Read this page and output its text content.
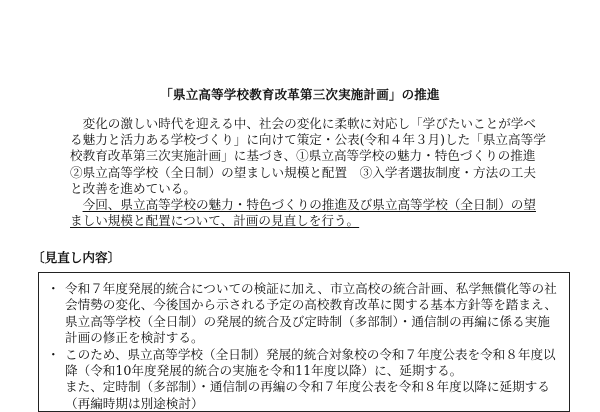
「県立高等学校教育改革第三次実施計画」の推進

変化の激しい時代を迎える中、社会の変化に柔軟に対応し「学びたいことが学べる魅力と活力ある学校づくり」に向けて策定・公表(令和４年３月)した「県立高等学校教育改革第三次実施計画」に基づき、①県立高等学校の魅力・特色づくりの推進　②県立高等学校（全日制）の望ましい規模と配置　③入学者選抜制度・方法の工夫と改善を進めている。

今回、県立高等学校の魅力・特色づくりの推進及び県立高等学校（全日制）の望ましい規模と配置について、計画の見直しを行う。

〔見直し内容〕
・ 令和７年度発展的統合についての検証に加え、市立高校の統合計画、私学無償化等の社会情勢の変化、今後国から示される予定の高校教育改革に関する基本方針等を踏まえ、県立高等学校（全日制）の発展的統合及び定時制（多部制）・通信制の再編に係る実施計画の修正を検討する。
・ このため、県立高等学校（全日制）発展的統合対象校の令和７年度公表を令和８年度以降（令和10年度発展的統合の実施を令和11年度以降）に、延期する。
また、定時制（多部制）・通信制の再編の令和７年度公表を令和８年度以降に延期する（再編時期は別途検討）
